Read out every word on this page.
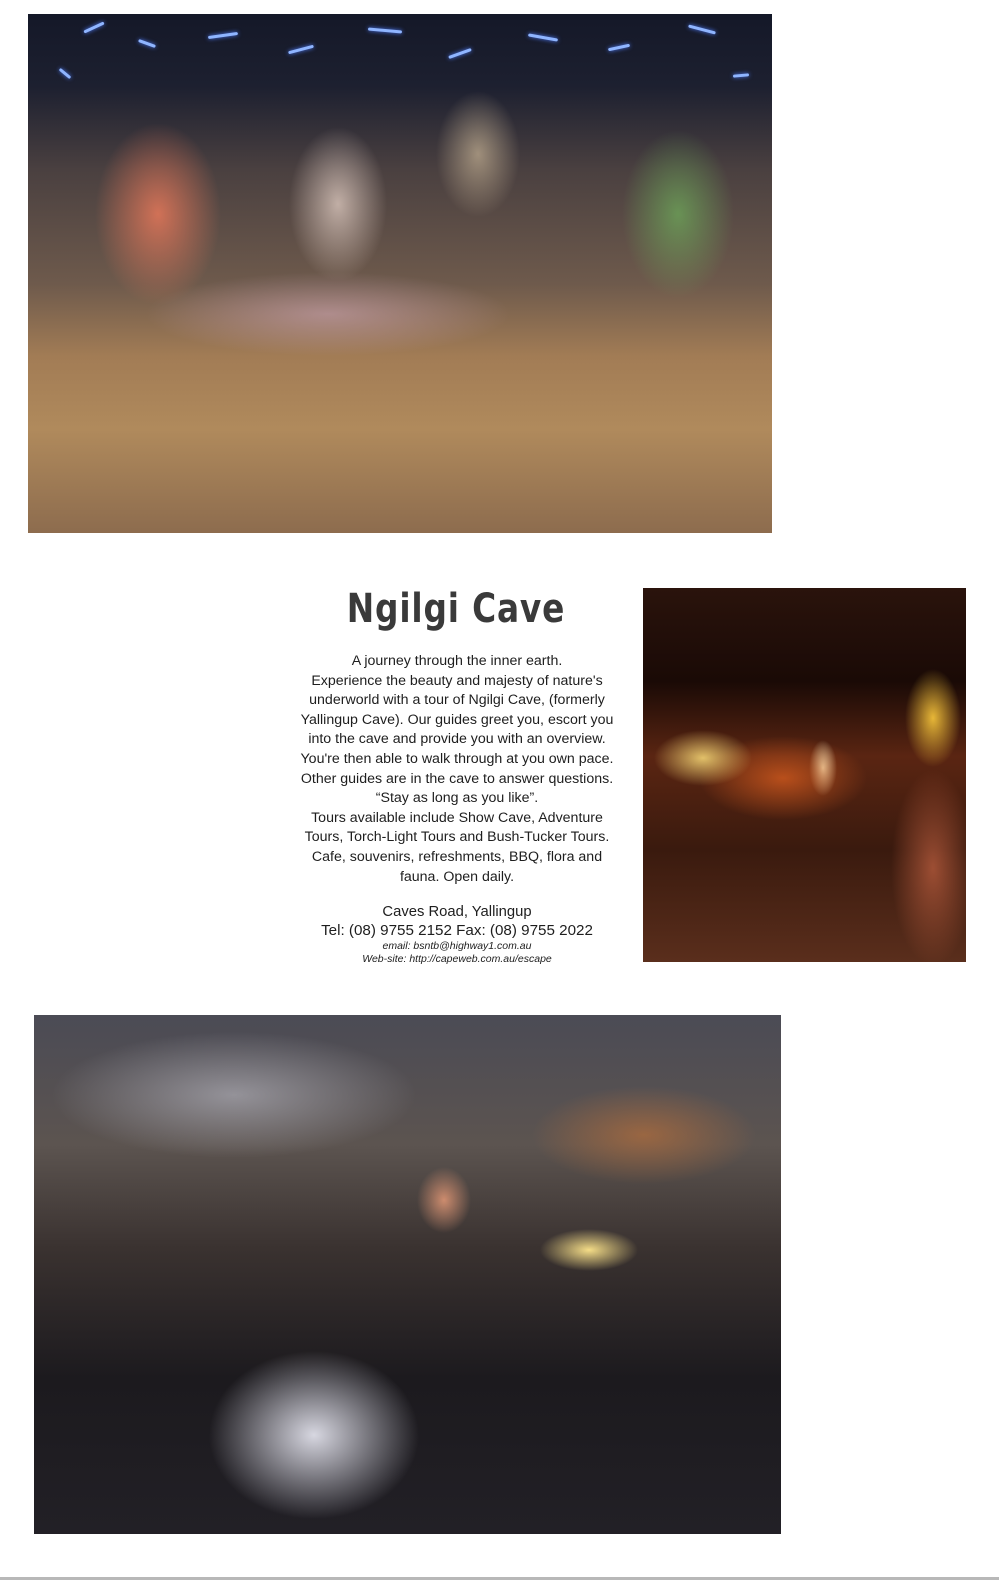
Ngilgi Cave
A journey through the inner earth.
Experience the beauty and majesty of nature's
underworld with a tour of Ngilgi Cave, (formerly
Yallingup Cave). Our guides greet you, escort you
into the cave and provide you with an overview.
You're then able to walk through at you own pace.
Other guides are in the cave to answer questions.
“Stay as long as you like”.
Tours available include Show Cave, Adventure
Tours, Torch-Light Tours and Bush-Tucker Tours.
Cafe, souvenirs, refreshments, BBQ, flora and
fauna. Open daily.
Caves Road, Yallingup
Tel: (08) 9755 2152 Fax: (08) 9755 2022
email: bsntb@highway1.com.au
Web-site: http://capeweb.com.au/escape
